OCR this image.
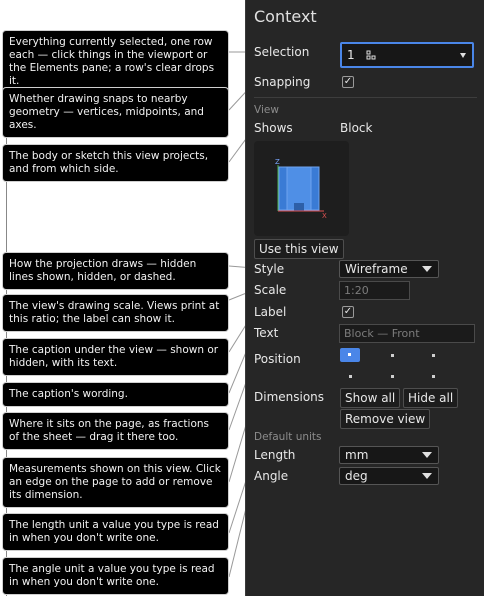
Everything currently selected, one row each — click things in the viewport or the Elements pane; a row's clear drops it.
Whether drawing snaps to nearby geometry — vertices, midpoints, and axes.
The body or sketch this view projects, and from which side.
How the projection draws — hidden lines shown, hidden, or dashed.
The view's drawing scale. Views print at this ratio; the label can show it.
The caption under the view — shown or hidden, with its text.
The caption's wording.
Where it sits on the page, as fractions of the sheet — drag it there too.
Measurements shown on this view. Click an edge on the page to add or remove its dimension.
The length unit a value you type is read in when you don't write one.
The angle unit a value you type is read in when you don't write one.
Context
Selection	1
Snapping	✓
View
Shows	Block
Z
X
Use this view
Style	Wireframe
Scale	1:20
Label	✓
Text	Block — Front
Position
Dimensions	Show all	Hide all
Remove view
Default units
Length	mm
Angle	deg
